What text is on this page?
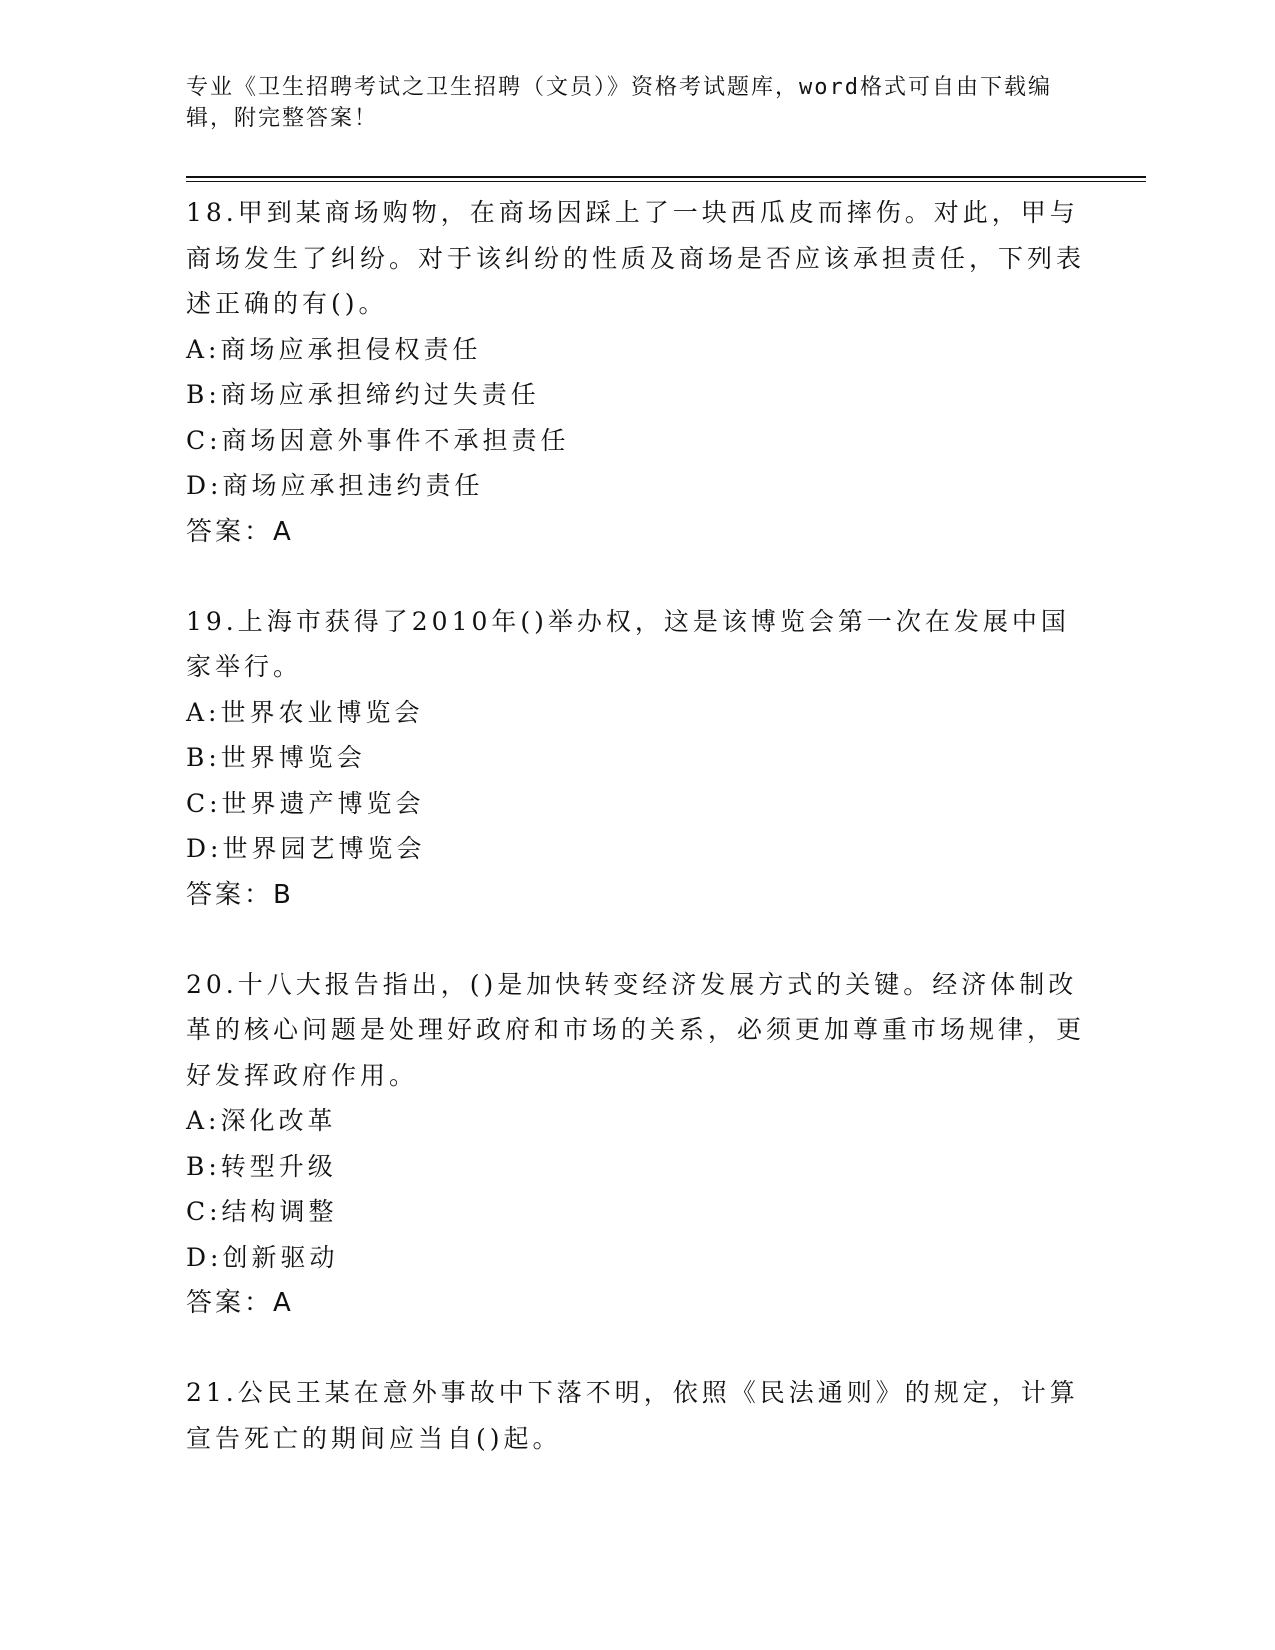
专业《卫生招聘考试之卫生招聘（文员）》资格考试题库，word格式可自由下载编辑，附完整答案！
18.甲到某商场购物，在商场因踩上了一块西瓜皮而摔伤。对此，甲与商场发生了纠纷。对于该纠纷的性质及商场是否应该承担责任，下列表述正确的有()。
A:商场应承担侵权责任
B:商场应承担缔约过失责任
C:商场因意外事件不承担责任
D:商场应承担违约责任
答案：A
19.上海市获得了2010年()举办权，这是该博览会第一次在发展中国家举行。
A:世界农业博览会
B:世界博览会
C:世界遗产博览会
D:世界园艺博览会
答案：B
20.十八大报告指出，()是加快转变经济发展方式的关键。经济体制改革的核心问题是处理好政府和市场的关系，必须更加尊重市场规律，更好发挥政府作用。
A:深化改革
B:转型升级
C:结构调整
D:创新驱动
答案：A
21.公民王某在意外事故中下落不明，依照《民法通则》的规定，计算宣告死亡的期间应当自()起。
